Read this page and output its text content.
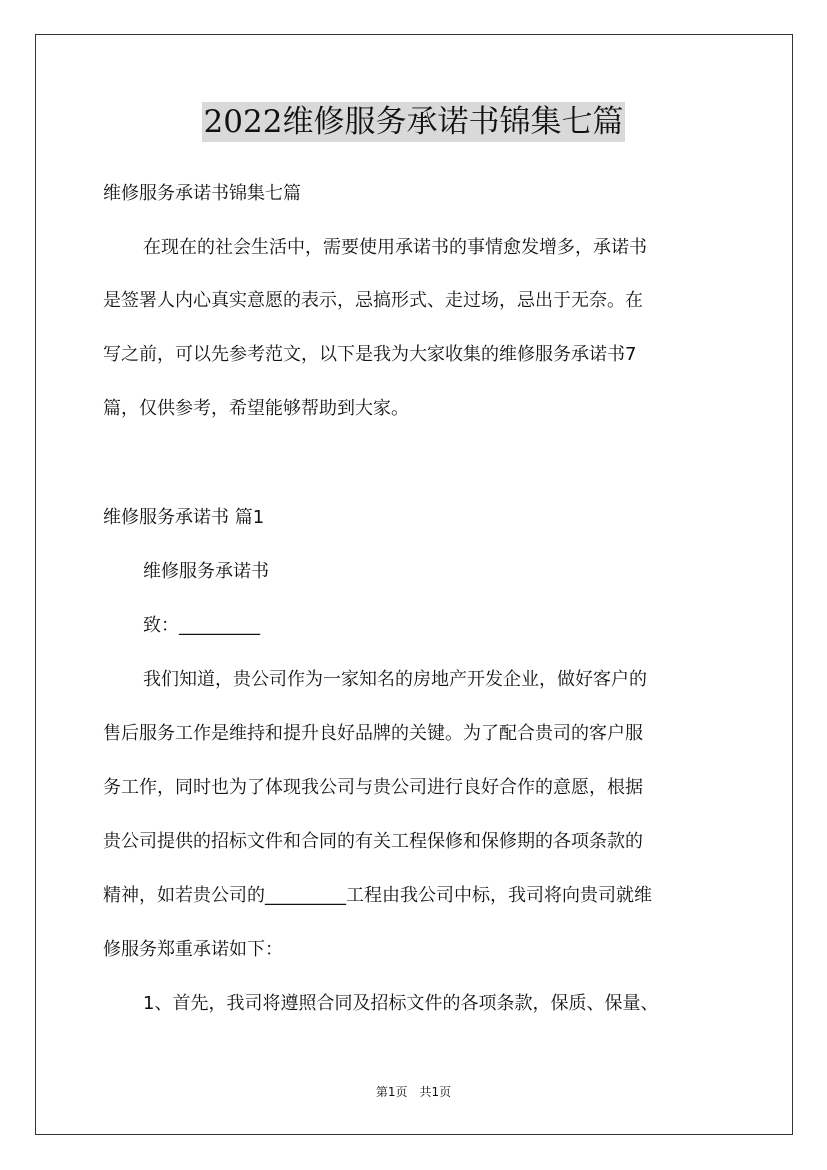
2022维修服务承诺书锦集七篇

维修服务承诺书锦集七篇

在现在的社会生活中，需要使用承诺书的事情愈发增多，承诺书

是签署人内心真实意愿的表示，忌搞形式、走过场，忌出于无奈。在

写之前，可以先参考范文，以下是我为大家收集的维修服务承诺书7

篇，仅供参考，希望能够帮助到大家。

维修服务承诺书 篇1

维修服务承诺书

致：_________

我们知道，贵公司作为一家知名的房地产开发企业，做好客户的

售后服务工作是维持和提升良好品牌的关键。为了配合贵司的客户服

务工作，同时也为了体现我公司与贵公司进行良好合作的意愿，根据

贵公司提供的招标文件和合同的有关工程保修和保修期的各项条款的

精神，如若贵公司的_________工程由我公司中标，我司将向贵司就维

修服务郑重承诺如下：

1、首先，我司将遵照合同及招标文件的各项条款，保质、保量、

第1页　共1页
